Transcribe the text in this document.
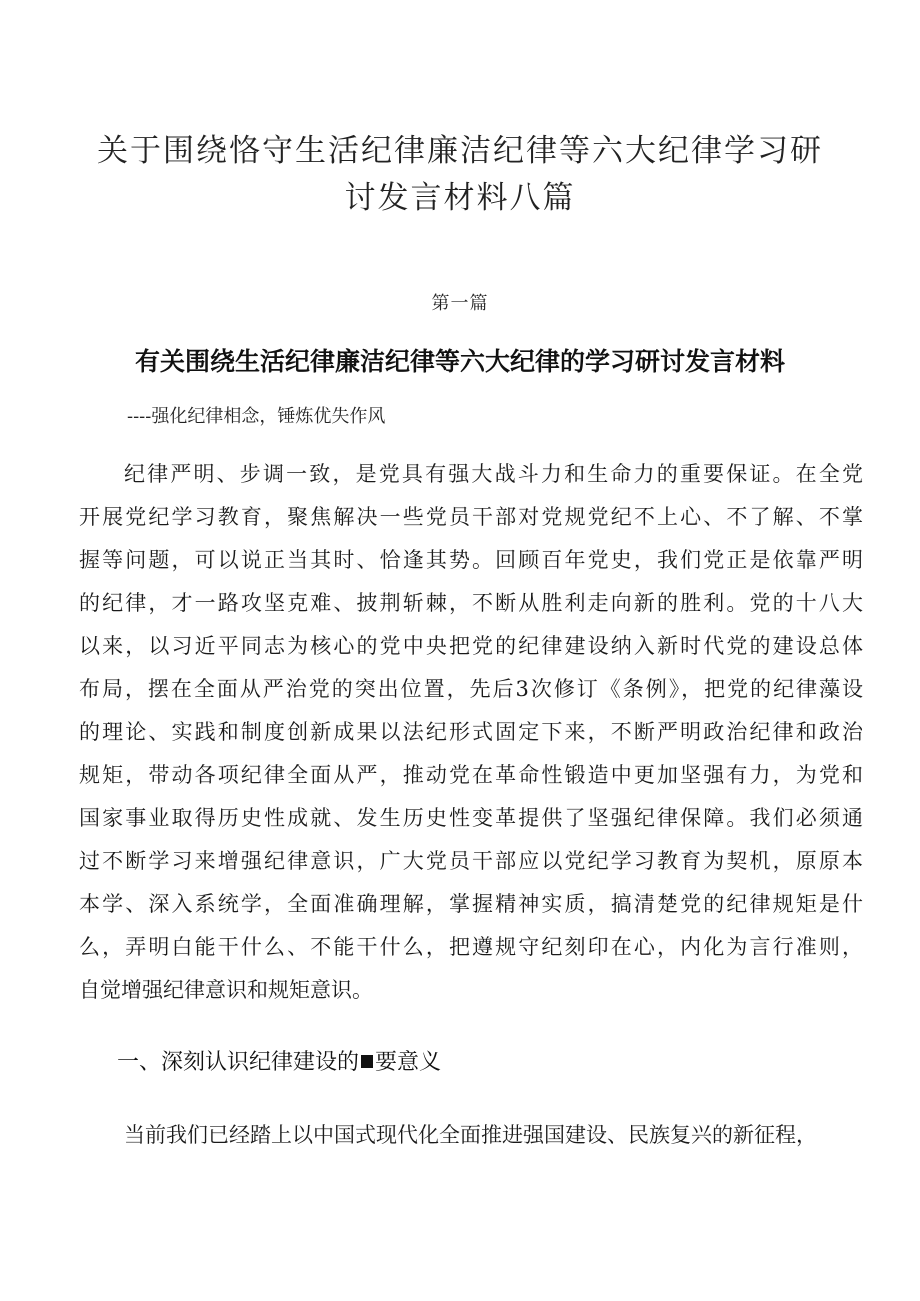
关于围绕恪守生活纪律廉洁纪律等六大纪律学习研
讨发言材料八篇
第一篇
有关围绕生活纪律廉洁纪律等六大纪律的学习研讨发言材料
----强化纪律相念，锤炼优失作风
纪律严明、步调一致，是党具有强大战斗力和生命力的重要保证。在全党
开展党纪学习教育，聚焦解决一些党员干部对党规党纪不上心、不了解、不掌
握等问题，可以说正当其时、恰逢其势。回顾百年党史，我们党正是依靠严明
的纪律，才一路攻坚克难、披荆斩棘，不断从胜利走向新的胜利。党的十八大
以来，以习近平同志为核心的党中央把党的纪律建设纳入新时代党的建设总体
布局，摆在全面从严治党的突出位置，先后3次修订《条例》，把党的纪律藻设
的理论、实践和制度创新成果以法纪形式固定下来，不断严明政治纪律和政治
规矩，带动各项纪律全面从严，推动党在革命性锻造中更加坚强有力，为党和
国家事业取得历史性成就、发生历史性变革提供了坚强纪律保障。我们必须通
过不断学习来增强纪律意识，广大党员干部应以党纪学习教育为契机，原原本
本学、深入系统学，全面准确理解，掌握精神实质，搞清楚党的纪律规矩是什
么，弄明白能干什么、不能干什么，把遵规守纪刻印在心，内化为言行准则，
自觉增强纪律意识和规矩意识。
一、深刻认识纪律建设的 要意义
当前我们已经踏上以中国式现代化全面推进强国建设、民族复兴的新征程，
